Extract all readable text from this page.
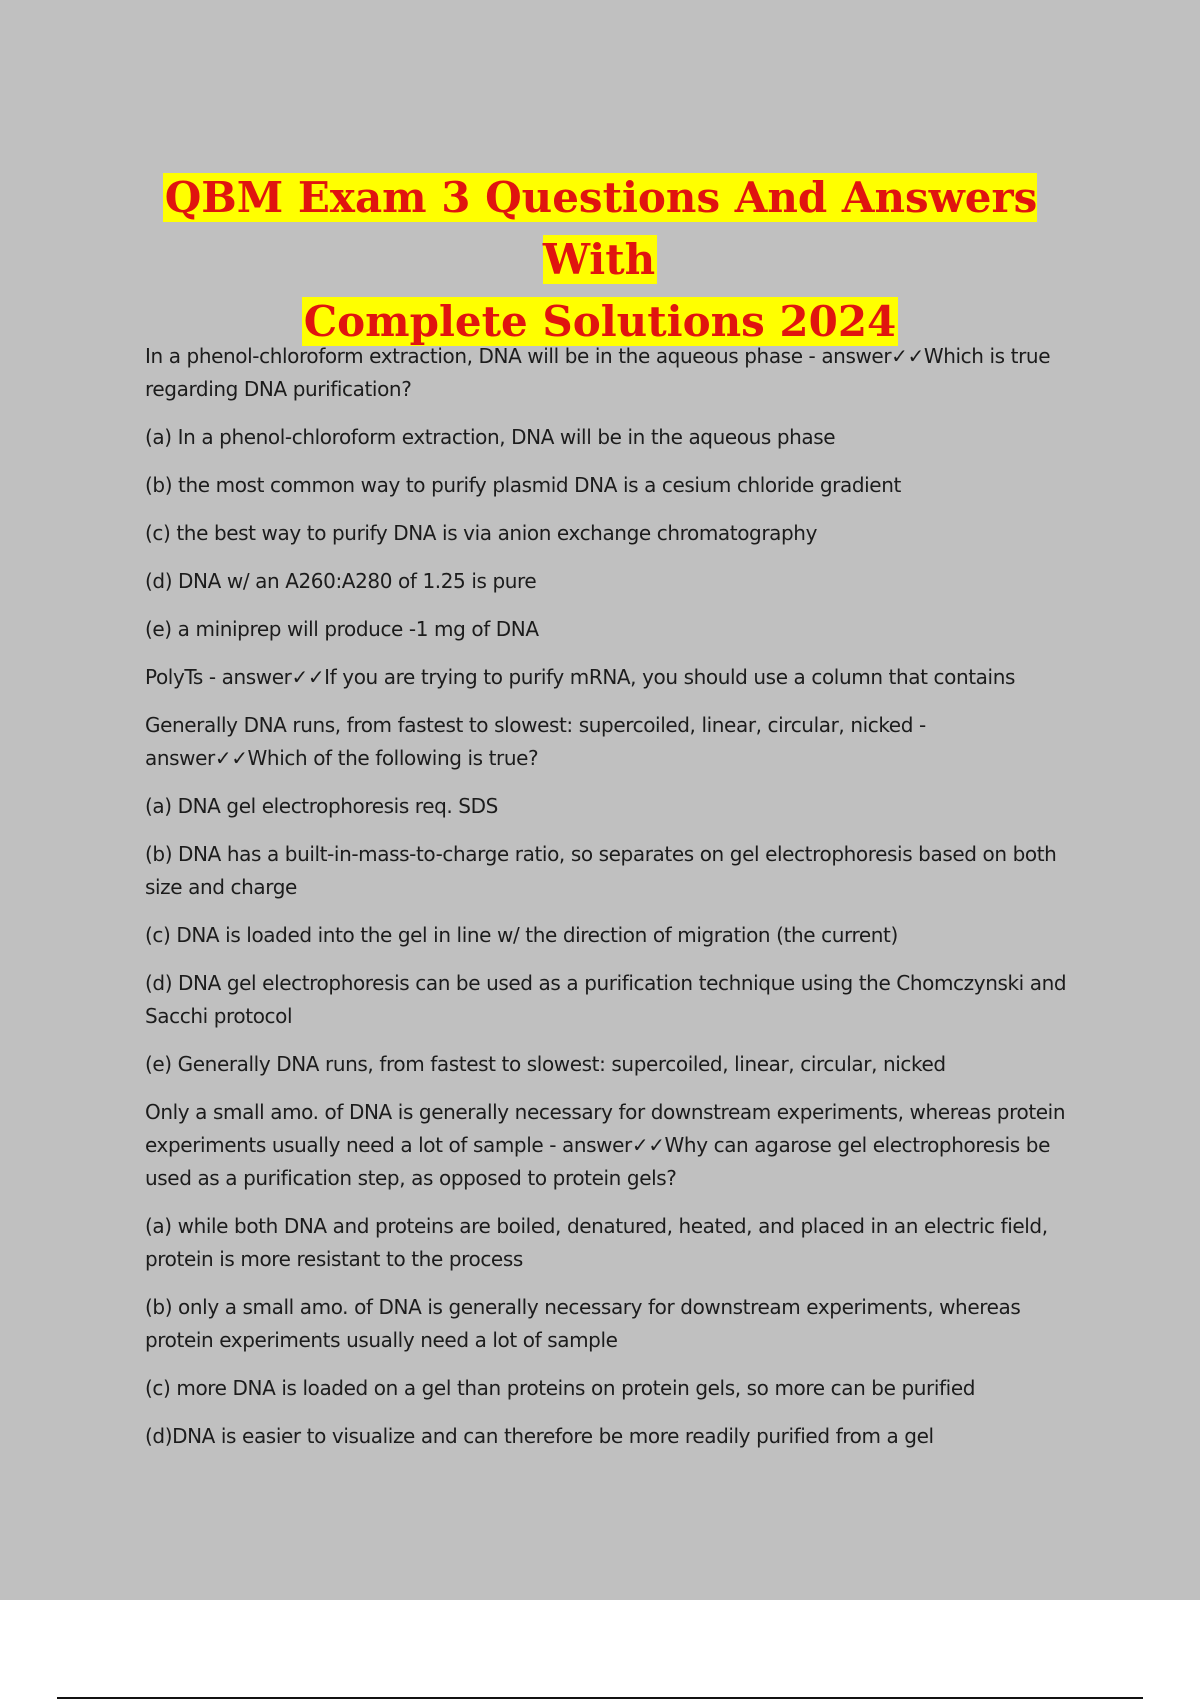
QBM Exam 3 Questions And Answers With
Complete Solutions 2024

In a phenol-chloroform extraction, DNA will be in the aqueous phase - answer✓✓Which is true regarding DNA purification?

(a) In a phenol-chloroform extraction, DNA will be in the aqueous phase

(b) the most common way to purify plasmid DNA is a cesium chloride gradient

(c) the best way to purify DNA is via anion exchange chromatography

(d) DNA w/ an A260:A280 of 1.25 is pure

(e) a miniprep will produce -1 mg of DNA

PolyTs - answer✓✓If you are trying to purify mRNA, you should use a column that contains

Generally DNA runs, from fastest to slowest: supercoiled, linear, circular, nicked - answer✓✓Which of the following is true?

(a) DNA gel electrophoresis req. SDS

(b) DNA has a built-in-mass-to-charge ratio, so separates on gel electrophoresis based on both size and charge

(c) DNA is loaded into the gel in line w/ the direction of migration (the current)

(d) DNA gel electrophoresis can be used as a purification technique using the Chomczynski and Sacchi protocol

(e) Generally DNA runs, from fastest to slowest: supercoiled, linear, circular, nicked

Only a small amo. of DNA is generally necessary for downstream experiments, whereas protein experiments usually need a lot of sample - answer✓✓Why can agarose gel electrophoresis be used as a purification step, as opposed to protein gels?

(a) while both DNA and proteins are boiled, denatured, heated, and placed in an electric field, protein is more resistant to the process

(b) only a small amo. of DNA is generally necessary for downstream experiments, whereas protein experiments usually need a lot of sample

(c) more DNA is loaded on a gel than proteins on protein gels, so more can be purified

(d)DNA is easier to visualize and can therefore be more readily purified from a gel
